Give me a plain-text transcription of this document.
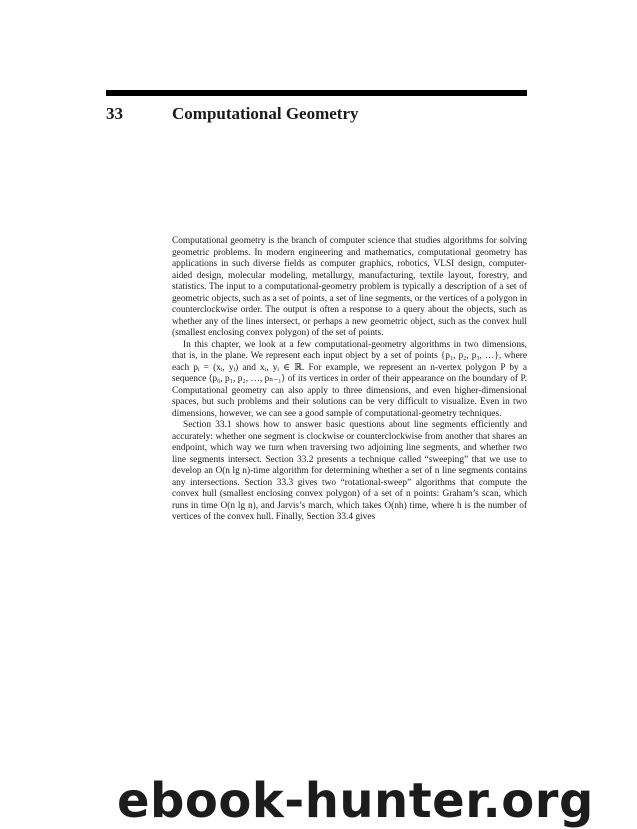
33	Computational Geometry

Computational geometry is the branch of computer science that studies algorithms for solving geometric problems. In modern engineering and mathematics, computational geometry has applications in such diverse fields as computer graphics, robotics, VLSI design, computer-aided design, molecular modeling, metallurgy, manufacturing, textile layout, forestry, and statistics. The input to a computational-geometry problem is typically a description of a set of geometric objects, such as a set of points, a set of line segments, or the vertices of a polygon in counterclockwise order. The output is often a response to a query about the objects, such as whether any of the lines intersect, or perhaps a new geometric object, such as the convex hull (smallest enclosing convex polygon) of the set of points.

In this chapter, we look at a few computational-geometry algorithms in two dimensions, that is, in the plane. We represent each input object by a set of points {p₁, p₂, p₃, …}, where each pᵢ = (xᵢ, yᵢ) and xᵢ, yᵢ ∈ ℝ. For example, we represent an n-vertex polygon P by a sequence ⟨p₀, p₁, p₂, …, pₙ₋₁⟩ of its vertices in order of their appearance on the boundary of P. Computational geometry can also apply to three dimensions, and even higher-dimensional spaces, but such problems and their solutions can be very difficult to visualize. Even in two dimensions, however, we can see a good sample of computational-geometry techniques.

Section 33.1 shows how to answer basic questions about line segments efficiently and accurately: whether one segment is clockwise or counterclockwise from another that shares an endpoint, which way we turn when traversing two adjoining line segments, and whether two line segments intersect. Section 33.2 presents a technique called “sweeping” that we use to develop an O(n lg n)-time algorithm for determining whether a set of n line segments contains any intersections. Section 33.3 gives two “rotational-sweep” algorithms that compute the convex hull (smallest enclosing convex polygon) of a set of n points: Graham’s scan, which runs in time O(n lg n), and Jarvis’s march, which takes O(nh) time, where h is the number of vertices of the convex hull. Finally, Section 33.4 gives

ebook-hunter.org
